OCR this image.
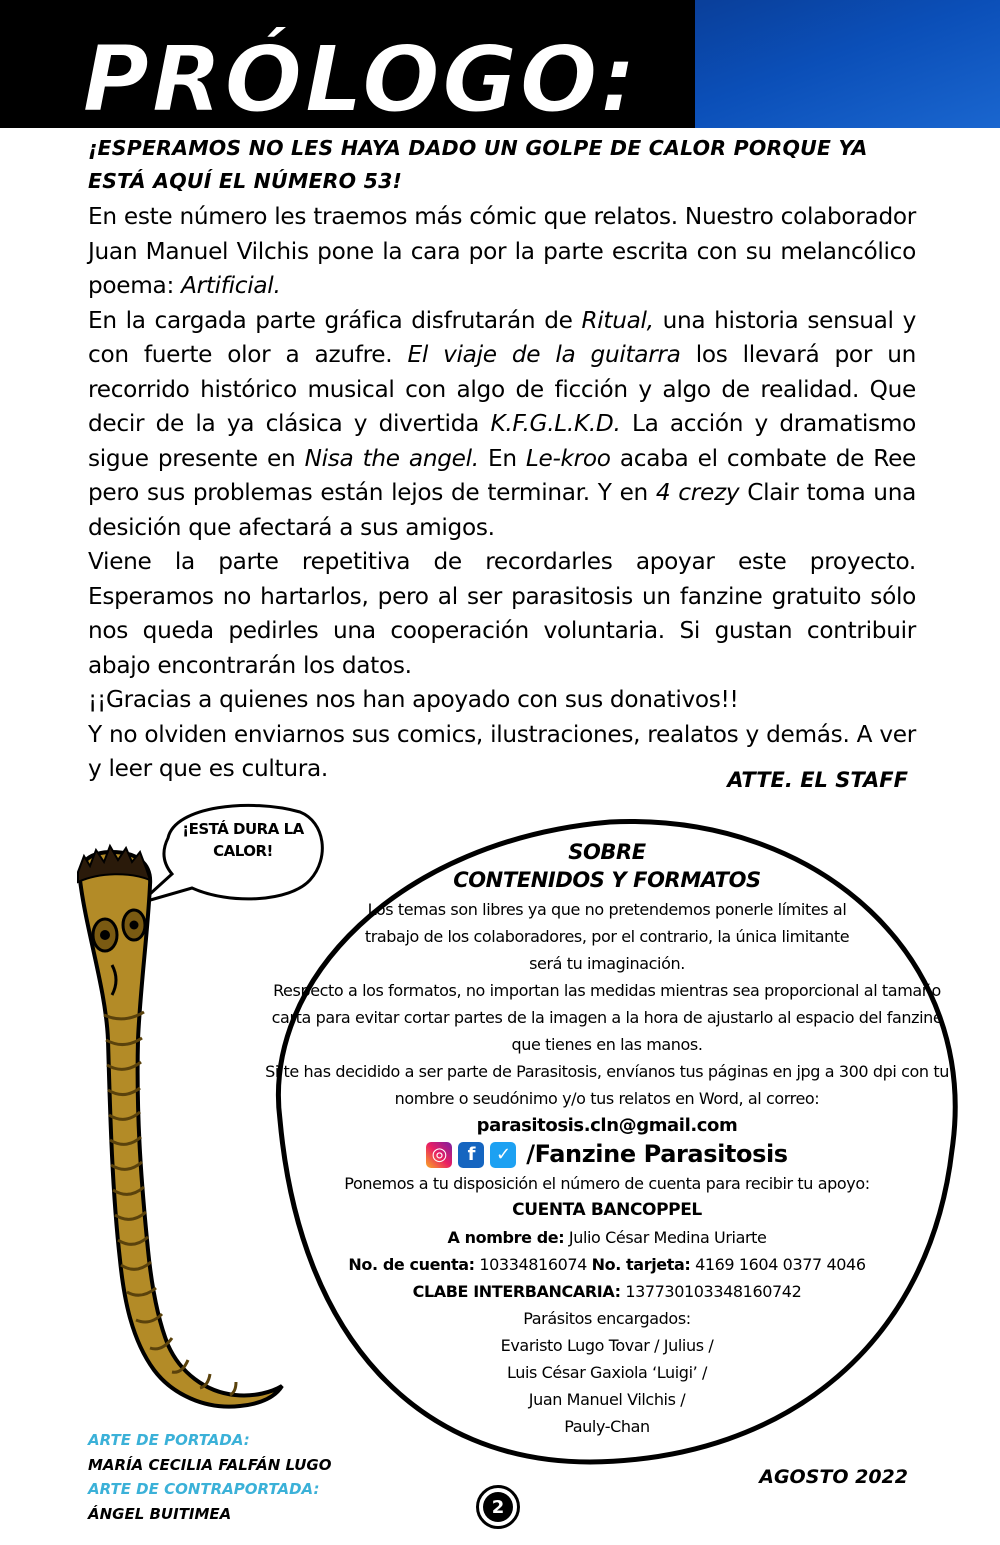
PRÓLOGO:

¡ESPERAMOS NO LES HAYA DADO UN GOLPE DE CALOR PORQUE YA ESTÁ AQUÍ EL NÚMERO 53!

En este número les traemos más cómic que relatos. Nuestro colaborador Juan Manuel Vilchis pone la cara por la parte escrita con su melancólico poema: Artificial.

En la cargada parte gráfica disfrutarán de Ritual, una historia sensual y con fuerte olor a azufre. El viaje de la guitarra los llevará por un recorrido histórico musical con algo de ficción y algo de realidad. Que decir de la ya clásica y divertida K.F.G.L.K.D. La acción y dramatismo sigue presente en Nisa the angel. En Le-kroo acaba el combate de Ree pero sus problemas están lejos de terminar. Y en 4 crezy Clair toma una desición que afectará a sus amigos.

Viene la parte repetitiva de recordarles apoyar este proyecto. Esperamos no hartarlos, pero al ser parasitosis un fanzine gratuito sólo nos queda pedirles una cooperación voluntaria. Si gustan contribuir abajo encontrarán los datos.

¡¡Gracias a quienes nos han apoyado con sus donativos!!

Y no olviden enviarnos sus comics, ilustraciones, realatos y demás. A ver y leer que es cultura.	ATTE. EL STAFF

¡ESTÁ DURA LA CALOR!	SOBRE
CONTENIDOS Y FORMATOS

Los temas son libres ya que no pretendemos ponerle límites al trabajo de los colaboradores, por el contrario, la única limitante será tu imaginación.

Respecto a los formatos, no importan las medidas mientras sea proporcional al tamaño carta para evitar cortar partes de la imagen a la hora de ajustarlo al espacio del fanzine que tienes en las manos.

Si te has decidido a ser parte de Parasitosis, envíanos tus páginas en jpg a 300 dpi con tu nombre o seudónimo y/o tus relatos en Word, al correo:

parasitosis.cln@gmail.com
◎	f	✓ /Fanzine Parasitosis

Ponemos a tu disposición el número de cuenta para recibir tu apoyo:

CUENTA BANCOPPEL
A nombre de: Julio César Medina Uriarte
No. de cuenta: 10334816074 No. tarjeta: 4169 1604 0377 4046
CLABE INTERBANCARIA: 137730103348160742
Parásitos encargados:
Evaristo Lugo Tovar / Julius /
Luis César Gaxiola ‘Luigi’ /
Juan Manuel Vilchis /
Pauly-Chan
ARTE DE PORTADA:
MARÍA CECILIA FALFÁN LUGO
ARTE DE CONTRAPORTADA:
ÁNGEL BUITIMEA

AGOSTO 2022

2
